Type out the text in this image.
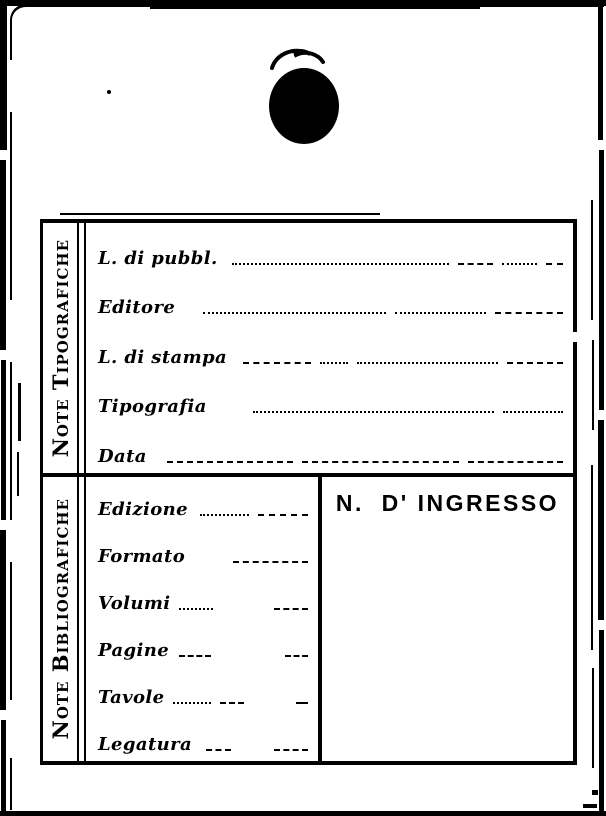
Note Tipografiche L. di pubbl.
Editore
L. di stampa
Tipografia
Data
Note Bibliografiche Edizione
Formato
Volumi
Pagine
Tavole
Legatura
N.  D' INGRESSO
